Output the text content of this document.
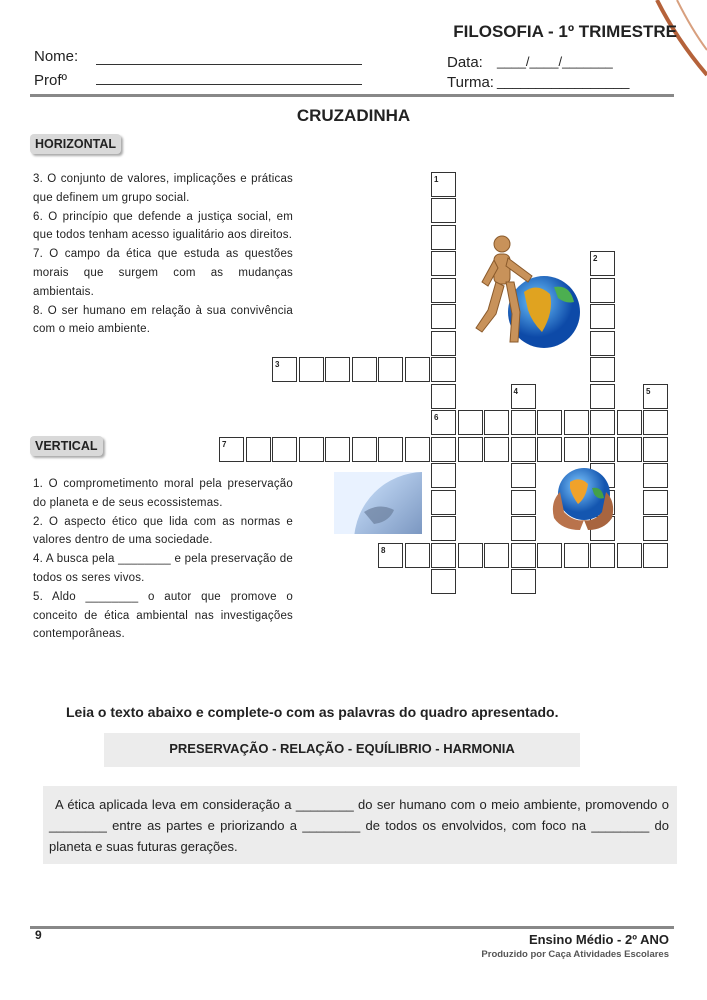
FILOSOFIA - 1º TRIMESTRE
Nome:
Profº
Data: ____/____/_______
Turma: _________________
CRUZADINHA
HORIZONTAL
3. O conjunto de valores, implicações e práticas que definem um grupo social.
6. O princípio que defende a justiça social, em que todos tenham acesso igualitário aos direitos.
7. O campo da ética que estuda as questões morais que surgem com as mudanças ambientais.
8. O ser humano em relação à sua convivência com o meio ambiente.
VERTICAL
1. O comprometimento moral pela preservação do planeta e de seus ecossistemas.
2. O aspecto ético que lida com as normas e valores dentro de uma sociedade.
4. A busca pela ________ e pela preservação de todos os seres vivos.
5. Aldo ________ o autor que promove o conceito de ética ambiental nas investigações contemporâneas.
1
2
3
4	5
6
7
8
Leia o texto abaixo e complete-o com as palavras do quadro apresentado.
PRESERVAÇÃO - RELAÇÃO - EQUÍLIBRIO - HARMONIA
A ética aplicada leva em consideração a ________ do ser humano com o meio ambiente, promovendo o ________ entre as partes e priorizando a ________ de todos os envolvidos, com foco na ________ do planeta e suas futuras gerações.
9	Ensino Médio - 2º ANO
Produzido por Caça Atividades Escolares
